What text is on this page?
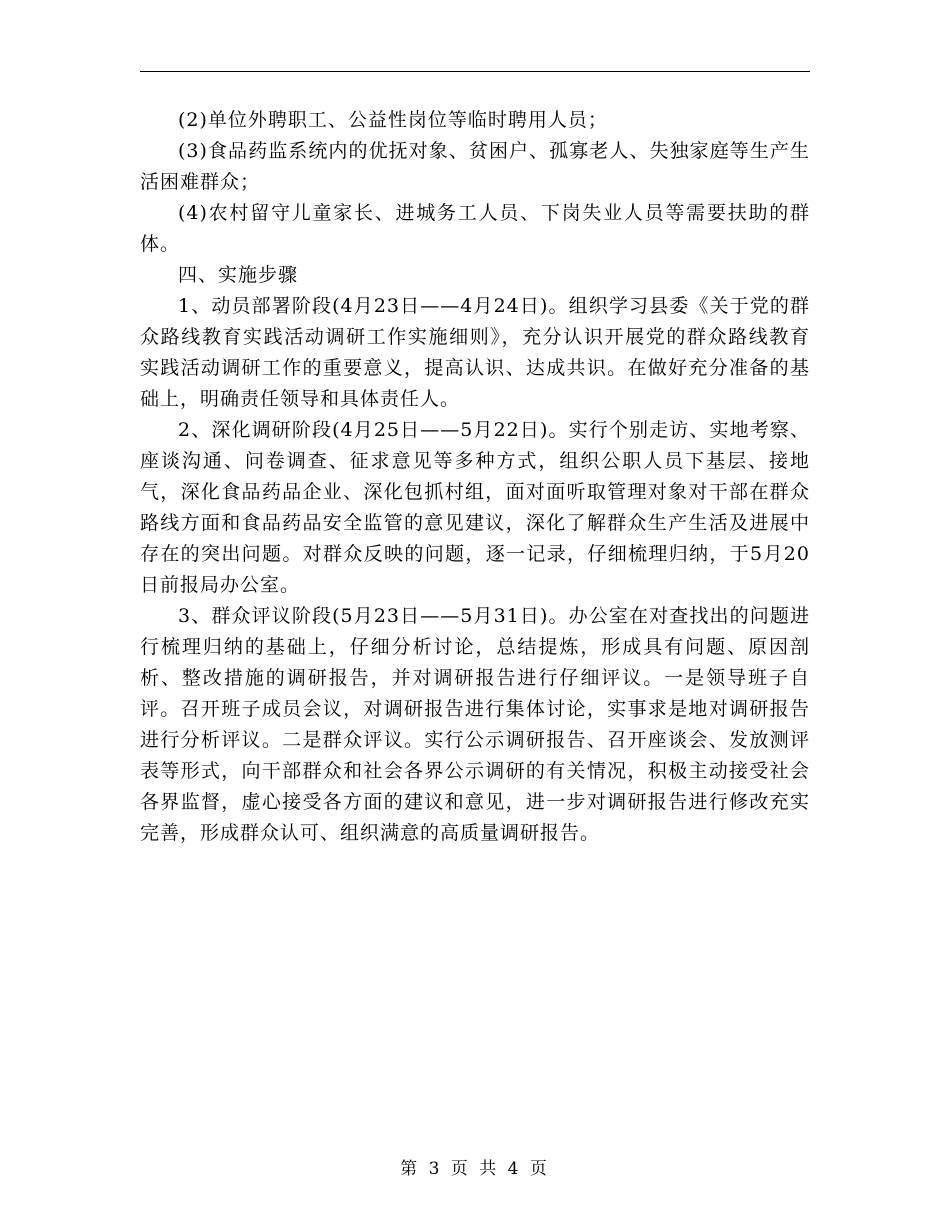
(2)单位外聘职工、公益性岗位等临时聘用人员；

(3)食品药监系统内的优抚对象、贫困户、孤寡老人、失独家庭等生产生活困难群众；

(4)农村留守儿童家长、进城务工人员、下岗失业人员等需要扶助的群体。

四、实施步骤

1、动员部署阶段(4月23日——4月24日)。组织学习县委《关于党的群众路线教育实践活动调研工作实施细则》，充分认识开展党的群众路线教育实践活动调研工作的重要意义，提高认识、达成共识。在做好充分准备的基础上，明确责任领导和具体责任人。

2、深化调研阶段(4月25日——5月22日)。实行个别走访、实地考察、座谈沟通、问卷调查、征求意见等多种方式，组织公职人员下基层、接地气，深化食品药品企业、深化包抓村组，面对面听取管理对象对干部在群众路线方面和食品药品安全监管的意见建议，深化了解群众生产生活及进展中存在的突出问题。对群众反映的问题，逐一记录，仔细梳理归纳，于5月20日前报局办公室。

3、群众评议阶段(5月23日——5月31日)。办公室在对查找出的问题进行梳理归纳的基础上，仔细分析讨论，总结提炼，形成具有问题、原因剖析、整改措施的调研报告，并对调研报告进行仔细评议。一是领导班子自评。召开班子成员会议，对调研报告进行集体讨论，实事求是地对调研报告进行分析评议。二是群众评议。实行公示调研报告、召开座谈会、发放测评表等形式，向干部群众和社会各界公示调研的有关情况，积极主动接受社会各界监督，虚心接受各方面的建议和意见，进一步对调研报告进行修改充实完善，形成群众认可、组织满意的高质量调研报告。

第 3 页 共 4 页
